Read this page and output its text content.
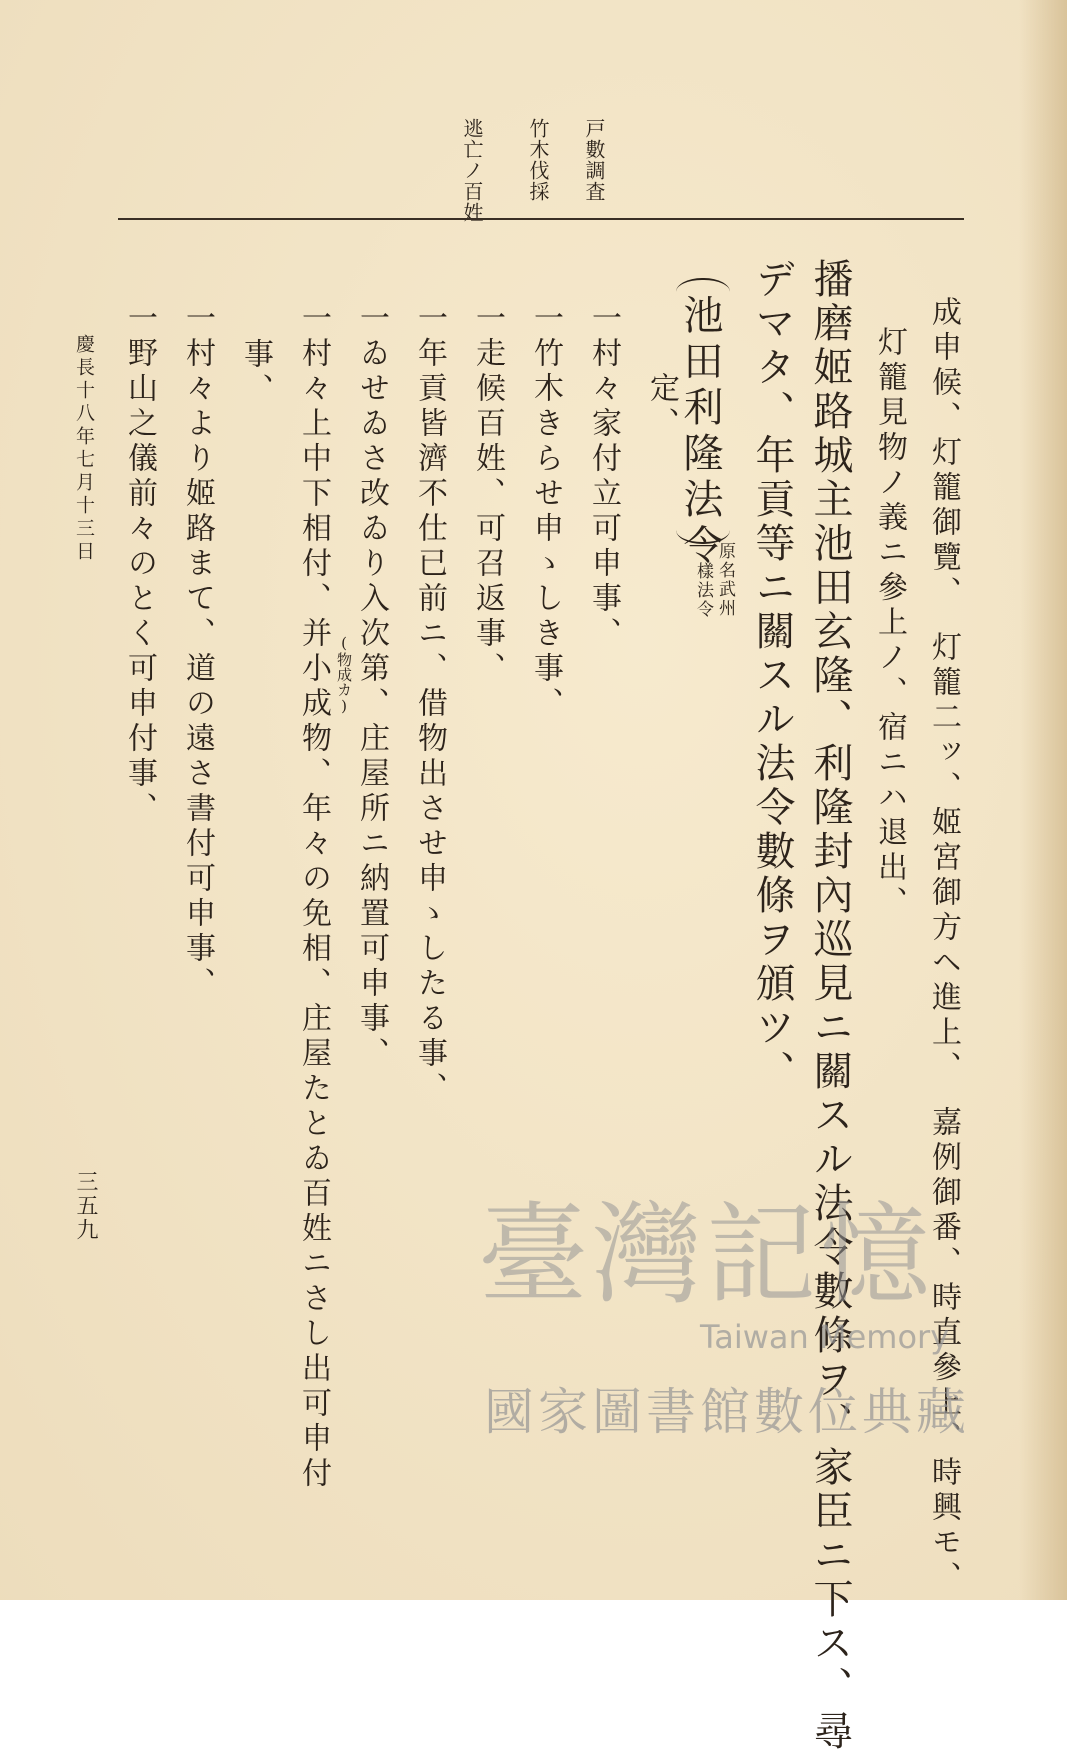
戸數調査
竹木伐採
逃亡ノ百姓
成申候、灯籠御覽、　灯籠二ッ、姬宮御方ヘ進上、　嘉例御番、時直參上、時興モ、
灯籠見物ノ義ニ參上ノ、宿ニハ退出、
播磨姬路城主池田玄隆、利隆封內巡見ニ關スル法令數條ヲ、家臣ニ下ス、尋
デマタ、年貢等ニ關スル法令數條ヲ頒ツ、
池田利隆法令
原名武州
樣法令
定、
一村々家付立可申事、
一竹木きらせ申ゝしき事、
一走候百姓、可召返事、
一年貢皆濟不仕已前ニ、借物出させ申ゝしたる事、
一ゐせゐさ改ゐり入次第、庄屋所ニ納置可申事、
(物成カ)
一村々上中下相付、并小成物、年々の免相、庄屋たとゐ百姓ニさし出可申付
事、
一村々より姬路まて、道の遠さ書付可申事、
一野山之儀前々のとく可申付事、
慶長十八年七月十三日
三五九	臺灣記憶
Taiwan Memory
國家圖書館數位典藏
